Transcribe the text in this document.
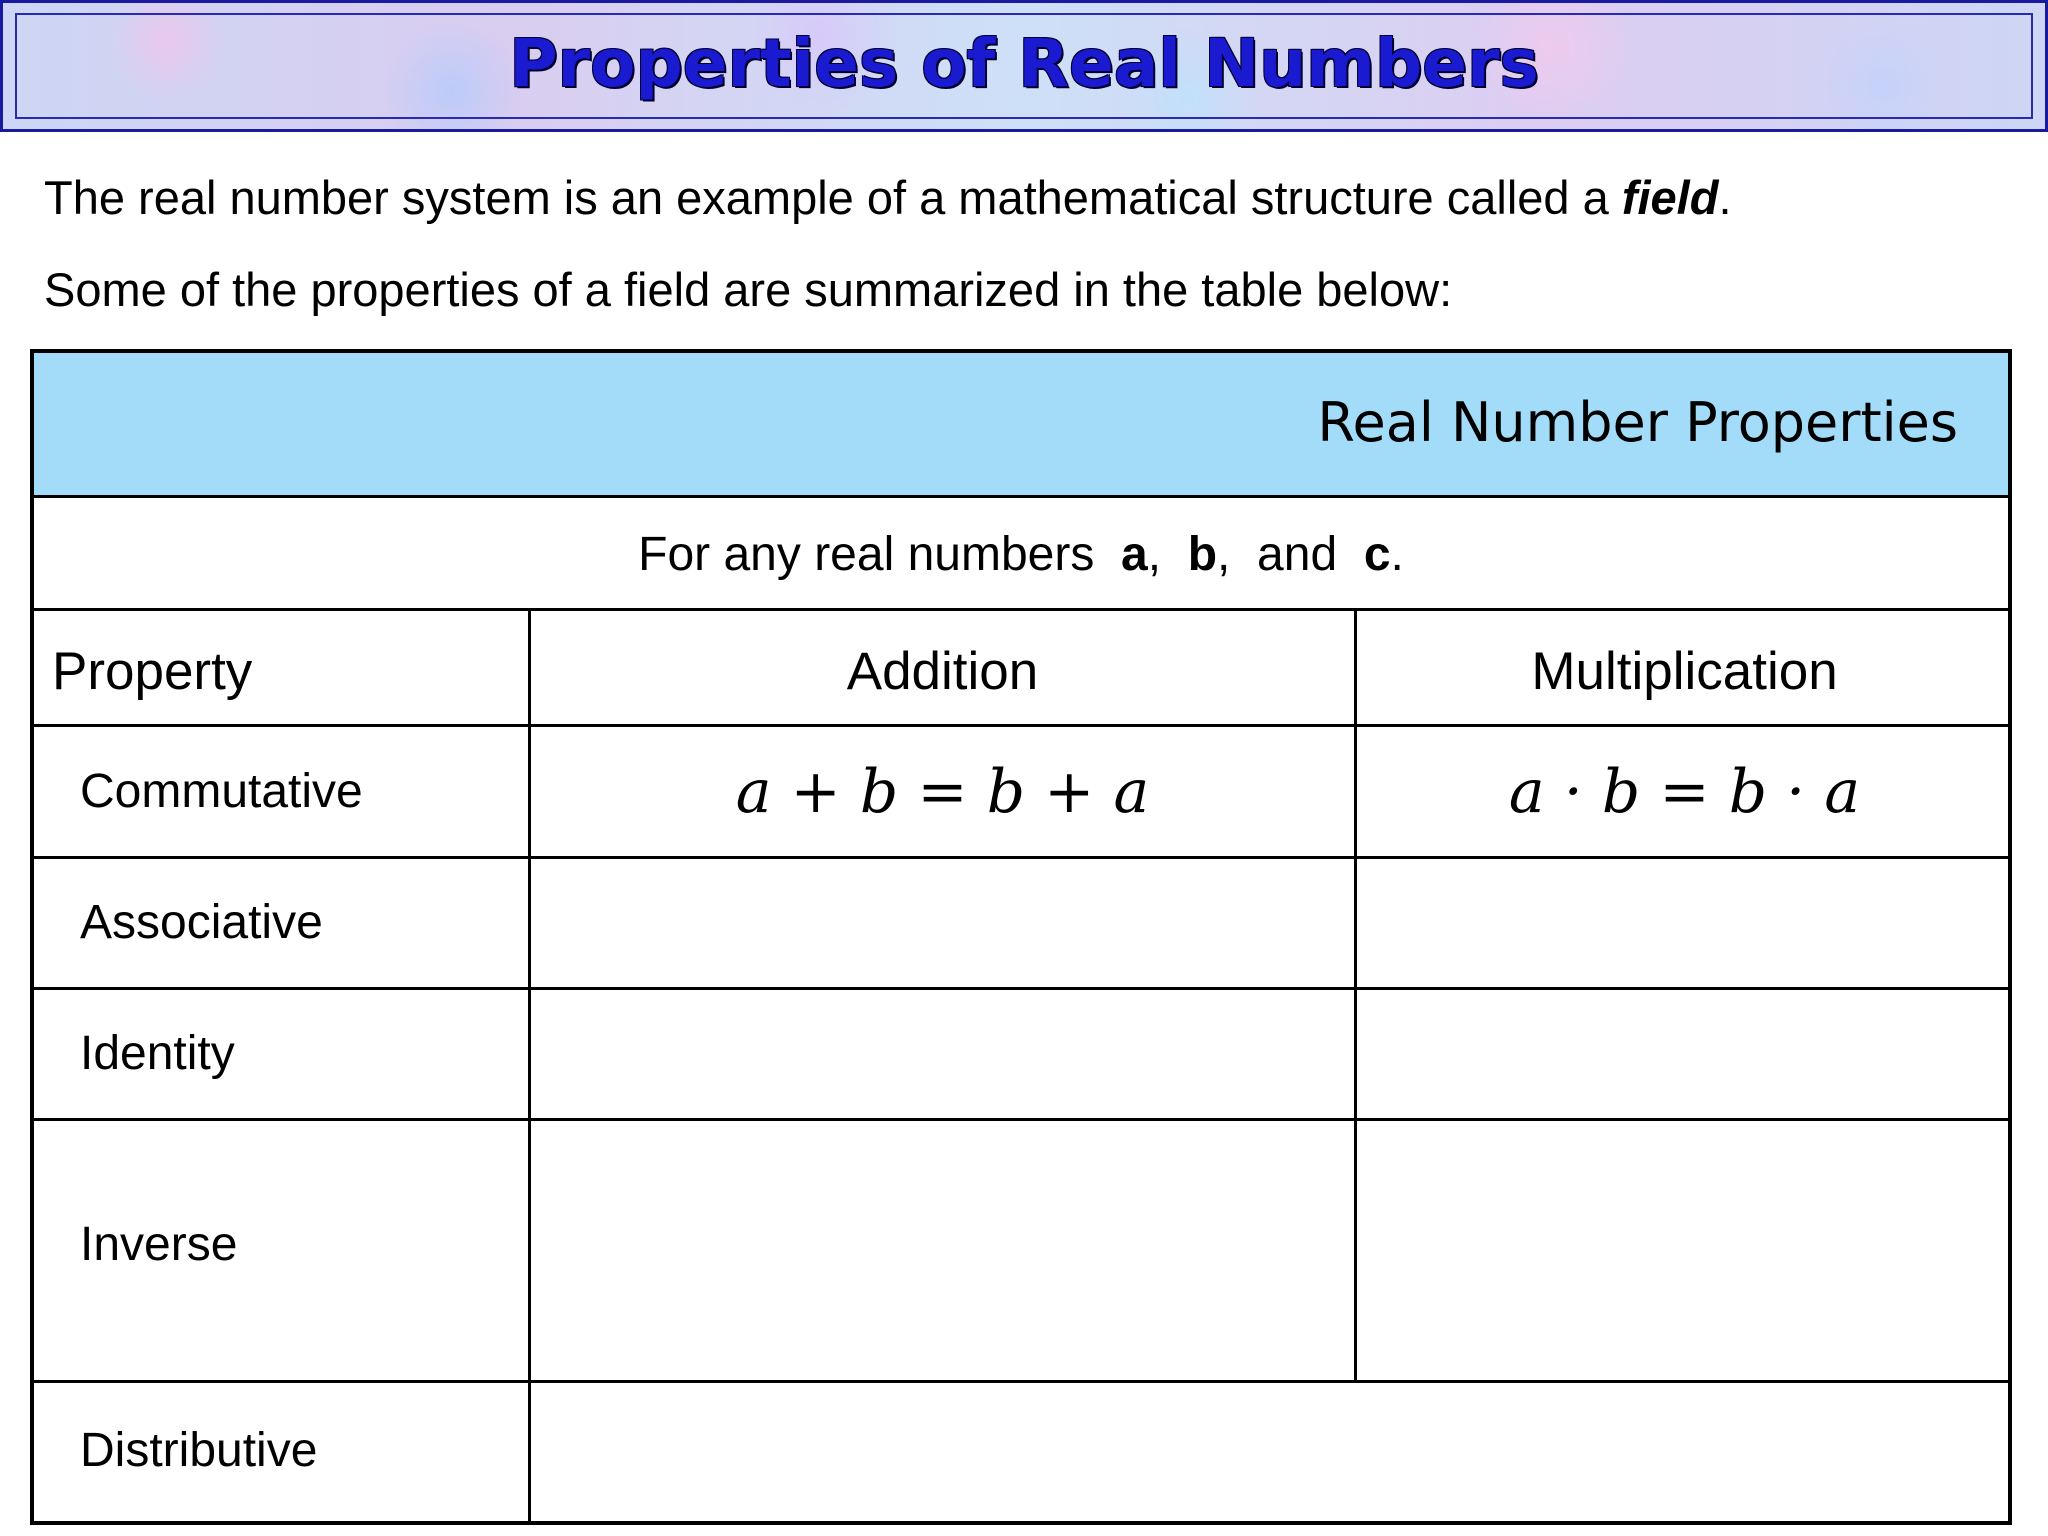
Properties of Real Numbers
The real number system is an example of a mathematical structure called a field.
Some of the properties of a field are summarized in the table below:
Real Number Properties
For any real numbers a,  b,  and c.
Property	Addition	Multiplication
Commutative	a + b = b + a	a · b = b · a
Associative
Identity
Inverse
Distributive
